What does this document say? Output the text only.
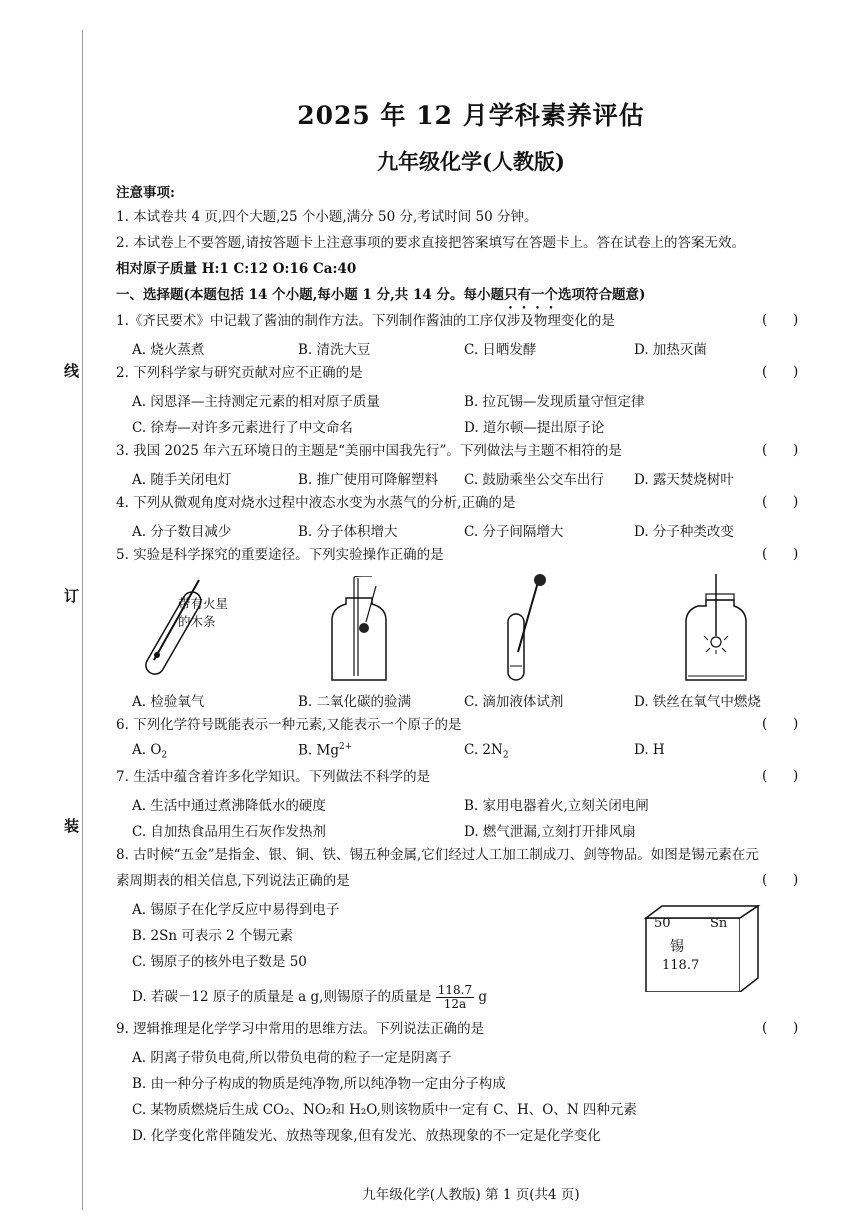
线
订
装
2025 年 12 月学科素养评估
九年级化学(人教版)
注意事项:
1. 本试卷共 4 页,四个大题,25 个小题,满分 50 分,考试时间 50 分钟。
2. 本试卷上不要答题,请按答题卡上注意事项的要求直接把答案填写在答题卡上。答在试卷上的答案无效。
相对原子质量 H:1 C:12 O:16 Ca:40
一、选择题(本题包括 14 个小题,每小题 1 分,共 14 分。每小题只有一个选项符合题意)
1.《齐民要术》中记载了酱油的制作方法。下列制作酱油的工序仅涉及物理变化的是	(      )
A. 烧火蒸煮	B. 清洗大豆	C. 日晒发酵	D. 加热灭菌
2. 下列科学家与研究贡献对应不正确的是	(      )
A. 闵恩泽—主持测定元素的相对原子质量	B. 拉瓦锡—发现质量守恒定律
C. 徐寿—对许多元素进行了中文命名	D. 道尔顿—提出原子论
3. 我国 2025 年六五环境日的主题是“美丽中国我先行”。下列做法与主题不相符的是	(      )
A. 随手关闭电灯	B. 推广使用可降解塑料 C. 鼓励乘坐公交车出行 D. 露天焚烧树叶
4. 下列从微观角度对烧水过程中液态水变为水蒸气的分析,正确的是	(      )
A. 分子数目减少	B. 分子体积增大	C. 分子间隔增大	D. 分子种类改变
5. 实验是科学探究的重要途径。下列实验操作正确的是	(      )
带有火星
的木条
A. 检验氧气	B. 二氧化碳的验满	C. 滴加液体试剂	D. 铁丝在氧气中燃烧
6. 下列化学符号既能表示一种元素,又能表示一个原子的是	(      )
A. $O_2$	B. $Mg^{2+}$	C. $2N_2$	D. H
7. 生活中蕴含着许多化学知识。下列做法不科学的是	(      )
A. 生活中通过煮沸降低水的硬度	B. 家用电器着火,立刻关闭电闸
C. 自加热食品用生石灰作发热剂	D. 燃气泄漏,立刻打开排风扇
8. 古时候“五金”是指金、银、铜、铁、锡五种金属,它们经过人工加工制成刀、剑等物品。如图是锡元素在元
素周期表的相关信息,下列说法正确的是	(      )
A. 锡原子在化学反应中易得到电子
B. 2Sn 可表示 2 个锡元素
C. 锡原子的核外电子数是 50
D. 若碳－12 原子的质量是 a g,则锡原子的质量是 $\frac{118.7}{12a}$ g
50	Sn
锡
118.7
9. 逻辑推理是化学学习中常用的思维方法。下列说法正确的是	(      )
A. 阴离子带负电荷,所以带负电荷的粒子一定是阴离子
B. 由一种分子构成的物质是纯净物,所以纯净物一定由分子构成
C. 某物质燃烧后生成 CO₂、NO₂和 H₂O,则该物质中一定有 C、H、O、N 四种元素
D. 化学变化常伴随发光、放热等现象,但有发光、放热现象的不一定是化学变化
九年级化学(人教版) 第 1 页(共4 页)
